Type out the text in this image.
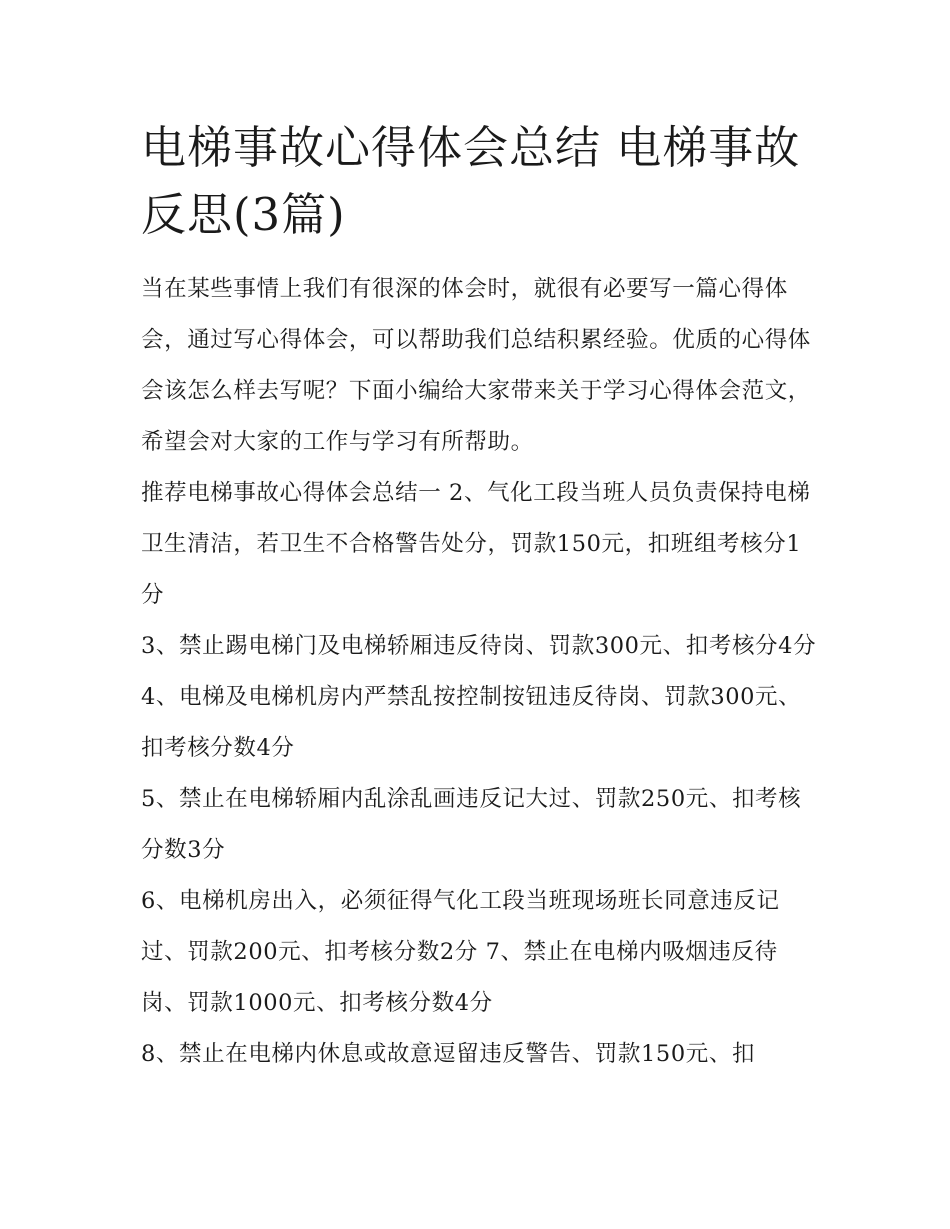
电梯事故心得体会总结 电梯事故反思(3篇)

当在某些事情上我们有很深的体会时，就很有必要写一篇心得体会，通过写心得体会，可以帮助我们总结积累经验。优质的心得体会该怎么样去写呢？下面小编给大家带来关于学习心得体会范文，希望会对大家的工作与学习有所帮助。

推荐电梯事故心得体会总结一 2、气化工段当班人员负责保持电梯卫生清洁，若卫生不合格警告处分，罚款150元，扣班组考核分1分

3、禁止踢电梯门及电梯轿厢违反待岗、罚款300元、扣考核分4分 4、电梯及电梯机房内严禁乱按控制按钮违反待岗、罚款300元、扣考核分数4分

5、禁止在电梯轿厢内乱涂乱画违反记大过、罚款250元、扣考核分数3分

6、电梯机房出入，必须征得气化工段当班现场班长同意违反记过、罚款200元、扣考核分数2分 7、禁止在电梯内吸烟违反待岗、罚款1000元、扣考核分数4分

8、禁止在电梯内休息或故意逗留违反警告、罚款150元、扣
